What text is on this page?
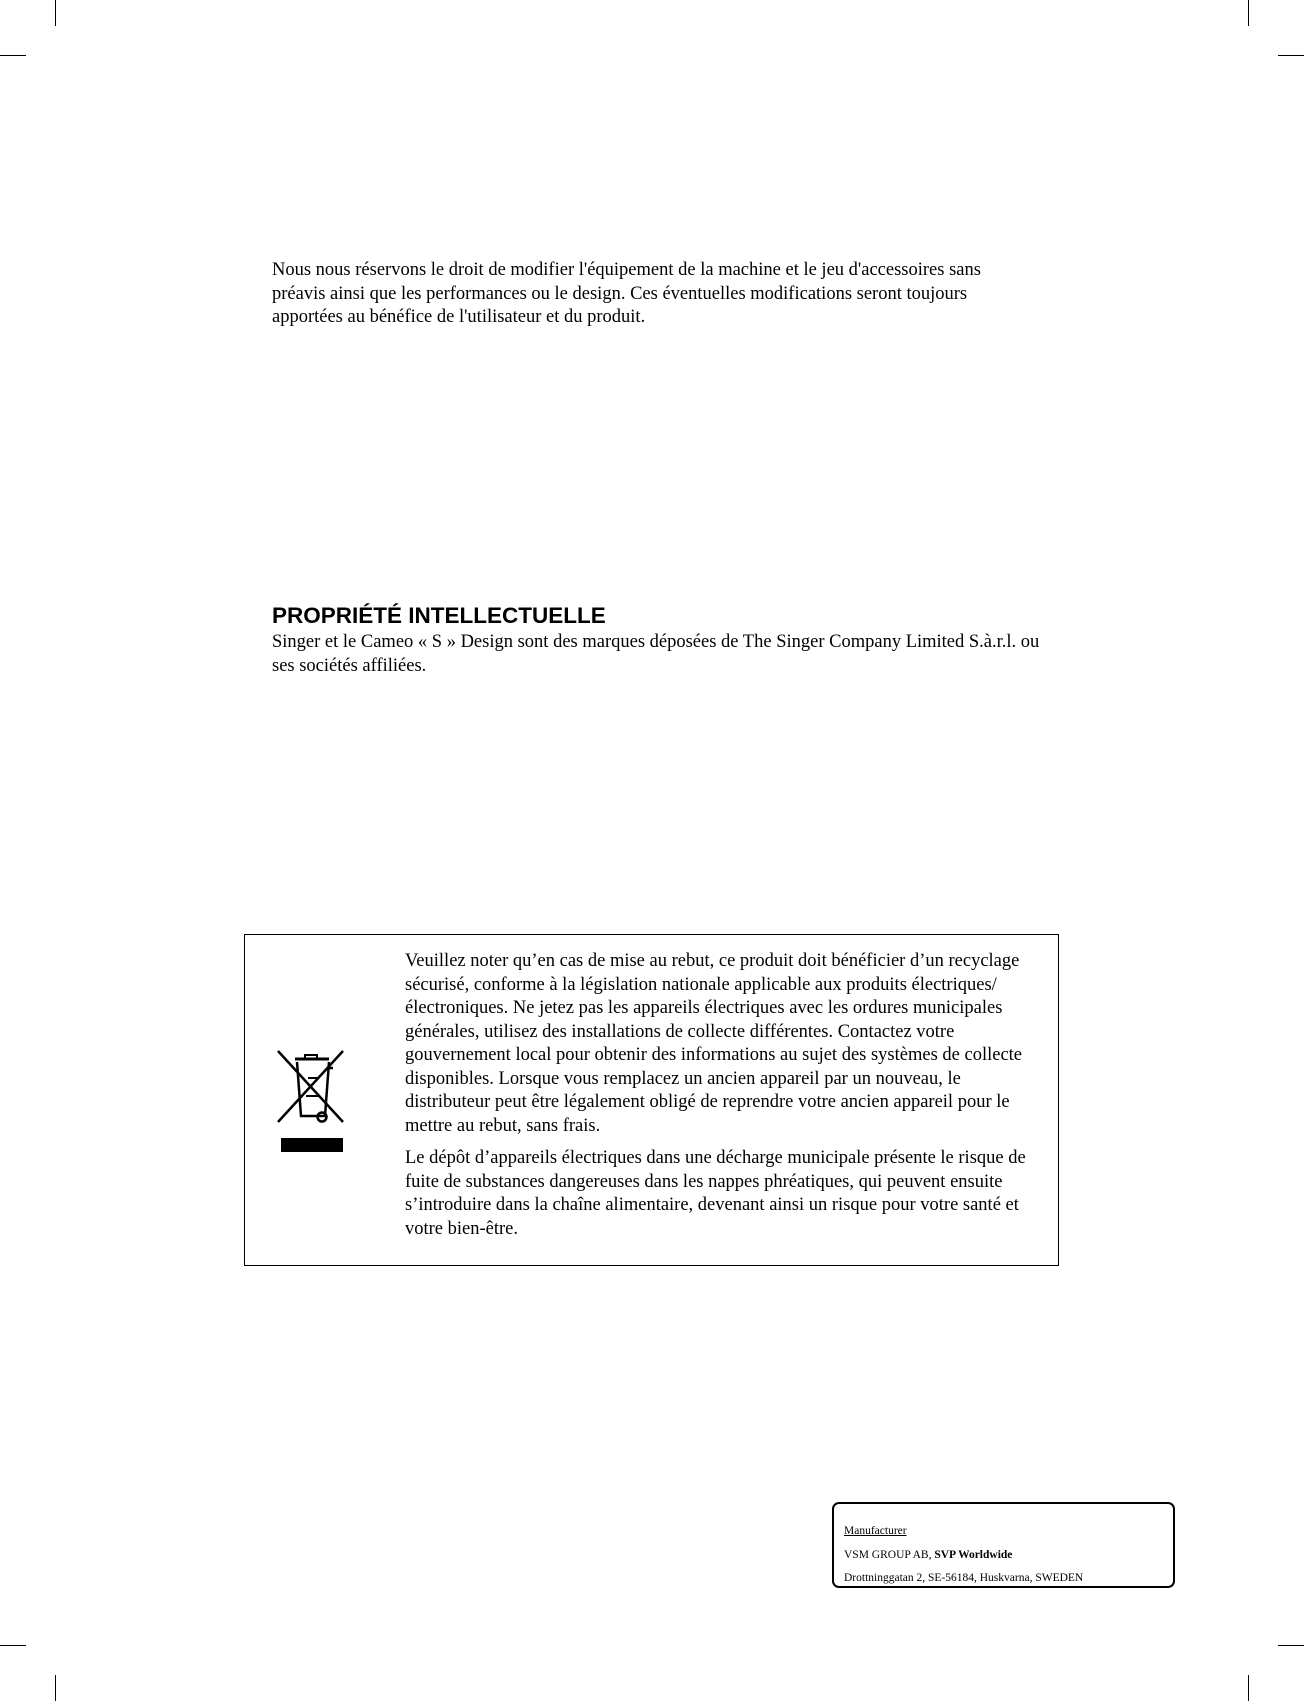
Nous nous réservons le droit de modifier l'équipement de la machine et le jeu d'accessoires sans préavis ainsi que les performances ou le design. Ces éventuelles modifications seront toujours apportées au bénéfice de l'utilisateur et du produit.

PROPRIÉTÉ INTELLECTUELLE

Singer et le Cameo « S » Design sont des marques déposées de The Singer Company Limited S.à.r.l. ou ses sociétés affiliées.

Veuillez noter qu’en cas de mise au rebut, ce produit doit bénéficier d’un recyclage sécurisé, conforme à la législation nationale applicable aux produits électriques/électroniques. Ne jetez pas les appareils électriques avec les ordures municipales générales, utilisez des installations de collecte différentes. Contactez votre gouvernement local pour obtenir des informations au sujet des systèmes de collecte disponibles. Lorsque vous remplacez un ancien appareil par un nouveau, le distributeur peut être légalement obligé de reprendre votre ancien appareil pour le mettre au rebut, sans frais.

Le dépôt d’appareils électriques dans une décharge municipale présente le risque de fuite de substances dangereuses dans les nappes phréatiques, qui peuvent ensuite s’introduire dans la chaîne alimentaire, devenant ainsi un risque pour votre santé et votre bien-être.

Manufacturer
VSM GROUP AB, SVP Worldwide
Drottninggatan 2, SE-56184, Huskvarna, SWEDEN
